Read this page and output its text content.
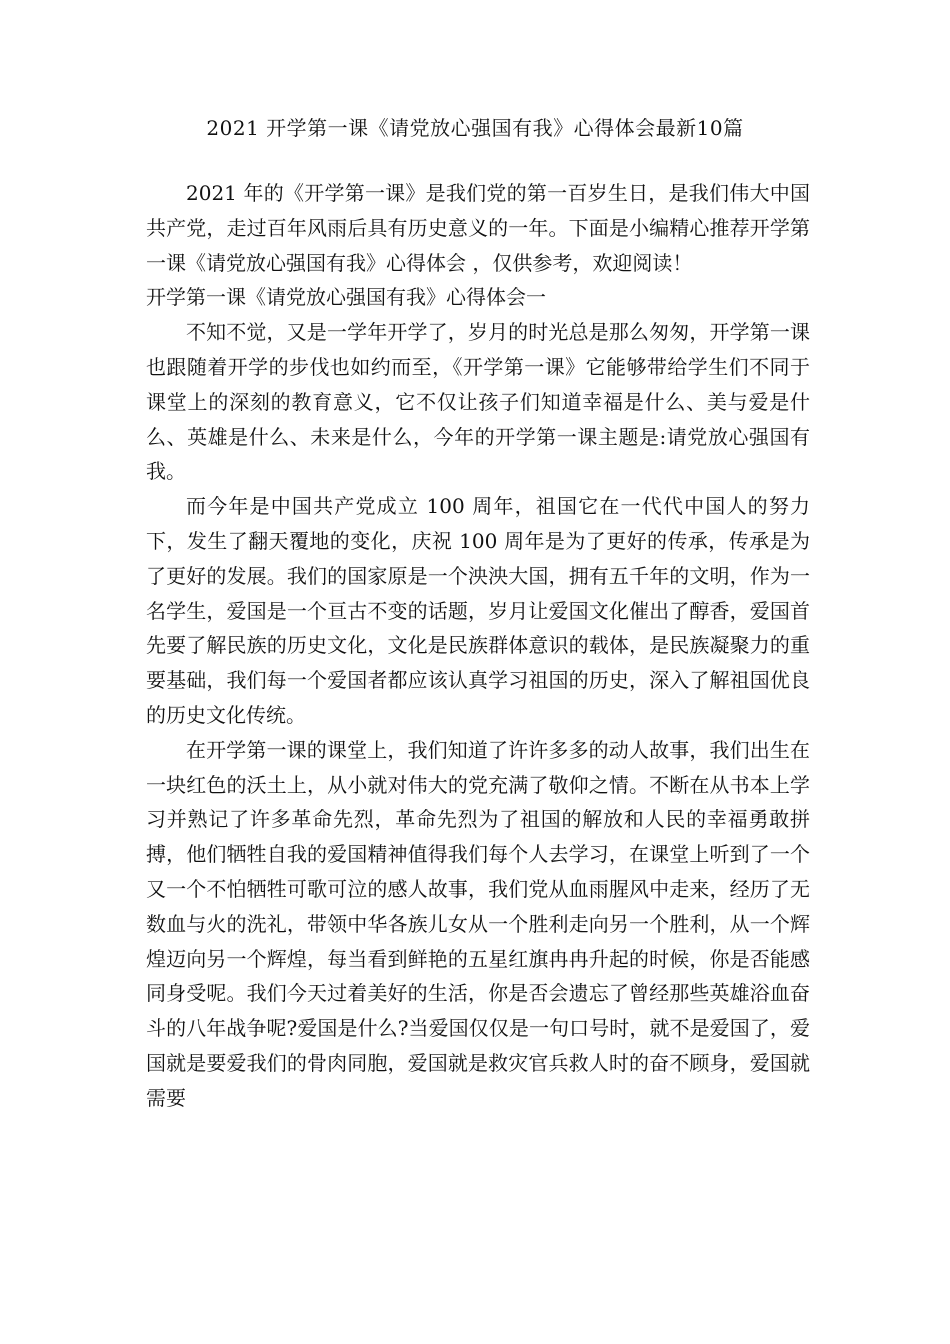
2021 开学第一课《请党放心强国有我》心得体会最新10篇

2021 年的《开学第一课》是我们党的第一百岁生日，是我们伟大中国共产党，走过百年风雨后具有历史意义的一年。下面是小编精心推荐开学第一课《请党放心强国有我》心得体会 ，仅供参考，欢迎阅读！

开学第一课《请党放心强国有我》心得体会一

不知不觉，又是一学年开学了，岁月的时光总是那么匆匆，开学第一课也跟随着开学的步伐也如约而至，《开学第一课》它能够带给学生们不同于课堂上的深刻的教育意义，它不仅让孩子们知道幸福是什么、美与爱是什么、英雄是什么、未来是什么，今年的开学第一课主题是:请党放心强国有我。

而今年是中国共产党成立 100 周年，祖国它在一代代中国人的努力下，发生了翻天覆地的变化，庆祝 100 周年是为了更好的传承，传承是为了更好的发展。我们的国家原是一个泱泱大国，拥有五千年的文明，作为一名学生，爱国是一个亘古不变的话题，岁月让爱国文化催出了醇香，爱国首先要了解民族的历史文化，文化是民族群体意识的载体，是民族凝聚力的重要基础，我们每一个爱国者都应该认真学习祖国的历史，深入了解祖国优良的历史文化传统。

在开学第一课的课堂上，我们知道了许许多多的动人故事，我们出生在一块红色的沃土上，从小就对伟大的党充满了敬仰之情。不断在从书本上学习并熟记了许多革命先烈，革命先烈为了祖国的解放和人民的幸福勇敢拼搏，他们牺牲自我的爱国精神值得我们每个人去学习，在课堂上听到了一个又一个不怕牺牲可歌可泣的感人故事，我们党从血雨腥风中走来，经历了无数血与火的洗礼，带领中华各族儿女从一个胜利走向另一个胜利，从一个辉煌迈向另一个辉煌，每当看到鲜艳的五星红旗冉冉升起的时候，你是否能感同身受呢。我们今天过着美好的生活，你是否会遗忘了曾经那些英雄浴血奋斗的八年战争呢?爱国是什么?当爱国仅仅是一句口号时，就不是爱国了，爱国就是要爱我们的骨肉同胞，爱国就是救灾官兵救人时的奋不顾身，爱国就需要
